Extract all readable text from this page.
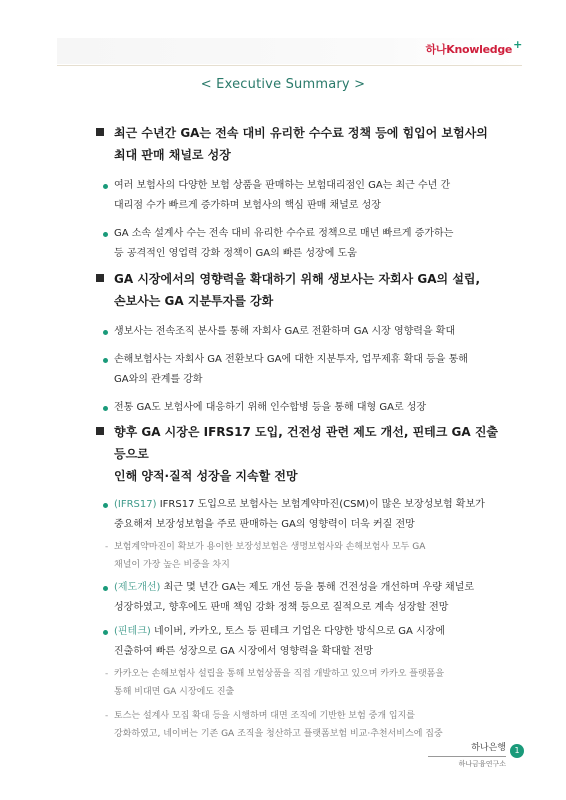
하나Knowledge+
< Executive Summary >
최근 수년간 GA는 전속 대비 유리한 수수료 정책 등에 힘입어 보험사의
최대 판매 채널로 성장
여러 보험사의 다양한 보험 상품을 판매하는 보험대리점인 GA는 최근 수년 간
대리점 수가 빠르게 증가하며 보험사의 핵심 판매 채널로 성장
GA 소속 설계사 수는 전속 대비 유리한 수수료 정책으로 매년 빠르게 증가하는
등 공격적인 영업력 강화 정책이 GA의 빠른 성장에 도움
GA 시장에서의 영향력을 확대하기 위해 생보사는 자회사 GA의 설립,
손보사는 GA 지분투자를 강화
생보사는 전속조직 분사를 통해 자회사 GA로 전환하며 GA 시장 영향력을 확대
손해보험사는 자회사 GA 전환보다 GA에 대한 지분투자, 업무제휴 확대 등을 통해
GA와의 관계를 강화
전통 GA도 보험사에 대응하기 위해 인수합병 등을 통해 대형 GA로 성장
향후 GA 시장은 IFRS17 도입, 건전성 관련 제도 개선, 핀테크 GA 진출 등으로
인해 양적·질적 성장을 지속할 전망
(IFRS17) IFRS17 도입으로 보험사는 보험계약마진(CSM)이 많은 보장성보험 확보가
중요해져 보장성보험을 주로 판매하는 GA의 영향력이 더욱 커질 전망
- 보험계약마진이 확보가 용이한 보장성보험은 생명보험사와 손해보험사 모두 GA
채널이 가장 높은 비중을 차지
(제도개선) 최근 몇 년간 GA는 제도 개선 등을 통해 건전성을 개선하며 우량 채널로
성장하였고, 향후에도 판매 책임 강화 정책 등으로 질적으로 계속 성장할 전망
(핀테크) 네이버, 카카오, 토스 등 핀테크 기업은 다양한 방식으로 GA 시장에
진출하여 빠른 성장으로 GA 시장에서 영향력을 확대할 전망
- 카카오는 손해보험사 설립을 통해 보험상품을 직접 개발하고 있으며 카카오 플랫폼을
통해 비대면 GA 시장에도 진출
- 토스는 설계사 모집 확대 등을 시행하며 대면 조직에 기반한 보험 중개 입지를
강화하였고, 네이버는 기존 GA 조직을 청산하고 플랫폼보험 비교·추천서비스에 집중
하나은행
하나금융연구소
1
